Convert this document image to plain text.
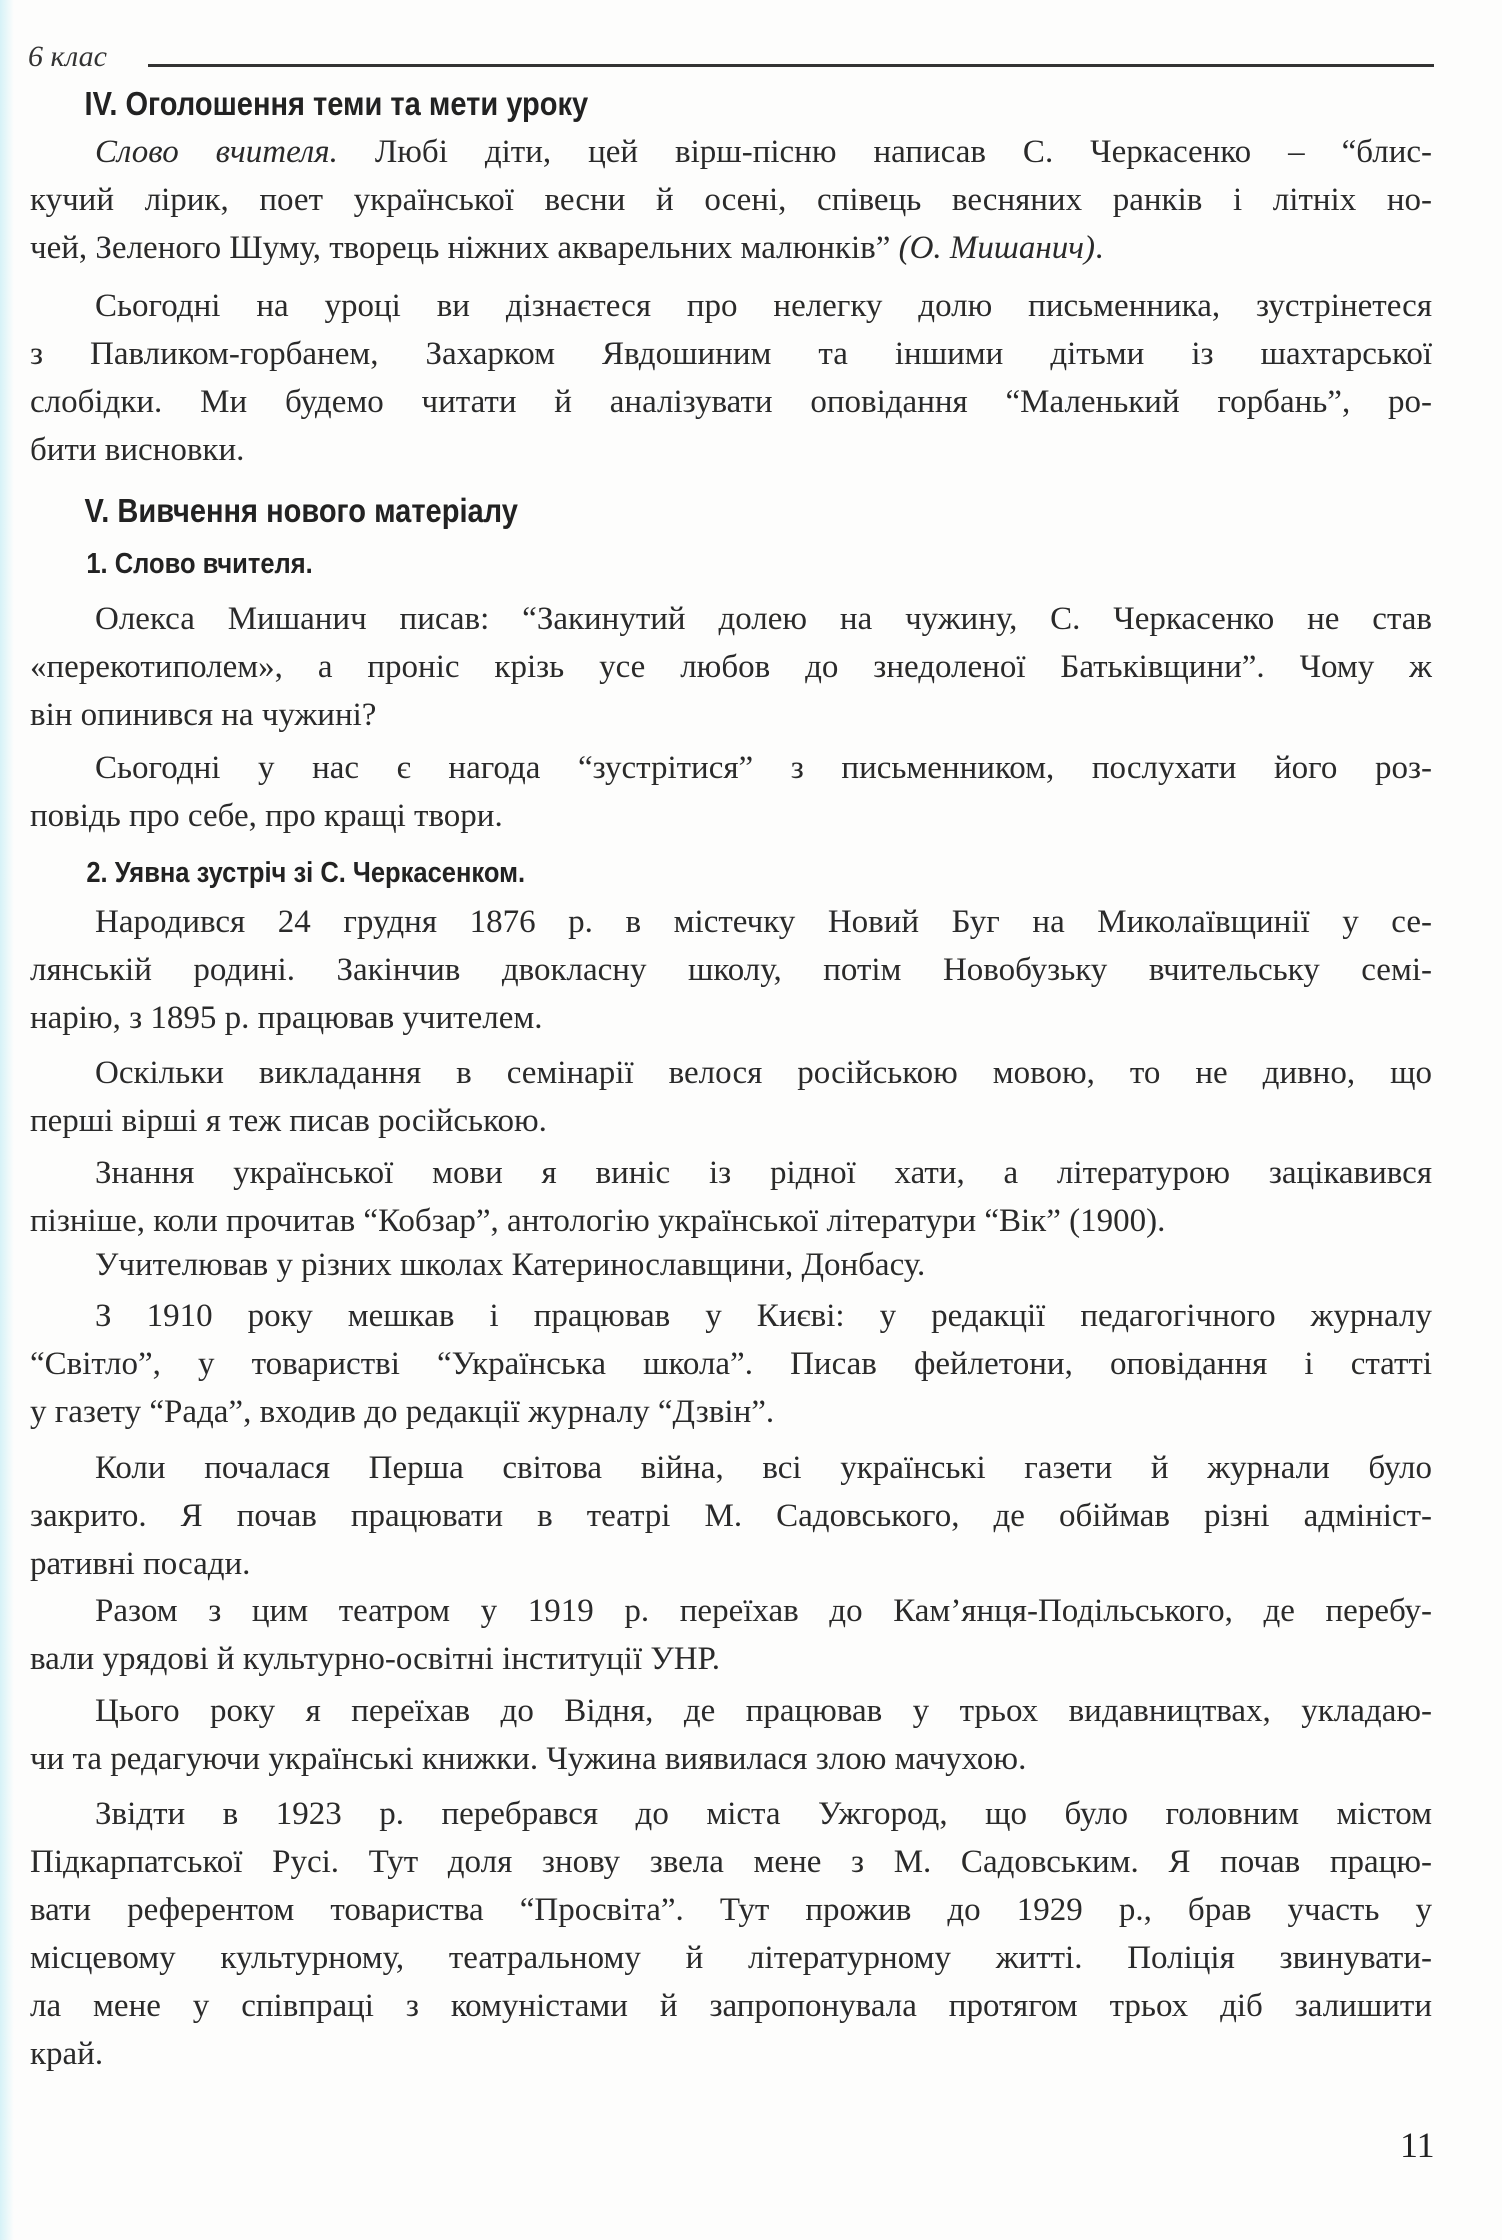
6 клас
IV. Оголошення теми та мети уроку
Слово вчителя. Любі діти, цей вірш-пісню написав С. Черкасенко – “блис-
кучий лірик, поет української весни й осені, співець весняних ранків і літніх но-
чей, Зеленого Шуму, творець ніжних акварельних малюнків” (О. Мишанич).
Сьогодні на уроці ви дізнаєтеся про нелегку долю письменника, зустрінетеся
з Павликом-горбанем, Захарком Явдошиним та іншими дітьми із шахтарської
слобідки. Ми будемо читати й аналізувати оповідання “Маленький горбань”, ро-
бити висновки.
V. Вивчення нового матеріалу
1. Слово вчителя.
Олекса Мишанич писав: “Закинутий долею на чужину, С. Черкасенко не став
«перекотиполем», а проніс крізь усе любов до знедоленої Батьківщини”. Чому ж
він опинився на чужині?
Сьогодні у нас є нагода “зустрітися” з письменником, послухати його роз-
повідь про себе, про кращі твори.
2. Уявна зустріч зі С. Черкасенком.
Народився 24 грудня 1876 р. в містечку Новий Буг на Миколаївщинії у се-
лянській родині. Закінчив двокласну школу, потім Новобузьку вчительську семі-
нарію, з 1895 р. працював учителем.
Оскільки викладання в семінарії велося російською мовою, то не дивно, що
перші вірші я теж писав російською.
Знання української мови я виніс із рідної хати, а літературою зацікавився
пізніше, коли прочитав “Кобзар”, антологію української літератури “Вік” (1900).
Учителював у різних школах Катеринославщини, Донбасу.
З 1910 року мешкав і працював у Києві: у редакції педагогічного журналу
“Світло”, у товаристві “Українська школа”. Писав фейлетони, оповідання і статті
у газету “Рада”, входив до редакції журналу “Дзвін”.
Коли почалася Перша світова війна, всі українські газети й журнали було
закрито. Я почав працювати в театрі М. Садовського, де обіймав різні адмініст-
ративні посади.
Разом з цим театром у 1919 р. переїхав до Кам’янця-Подільського, де перебу-
вали урядові й культурно-освітні інституції УНР.
Цього року я переїхав до Відня, де працював у трьох видавництвах, укладаю-
чи та редагуючи українські книжки. Чужина виявилася злою мачухою.
Звідти в 1923 р. перебрався до міста Ужгород, що було головним містом
Підкарпатської Русі. Тут доля знову звела мене з М. Садовським. Я почав працю-
вати референтом товариства “Просвіта”. Тут прожив до 1929 р., брав участь у
місцевому культурному, театральному й літературному житті. Поліція звинувати-
ла мене у співпраці з комуністами й запропонувала протягом трьох діб залишити
край.
11
